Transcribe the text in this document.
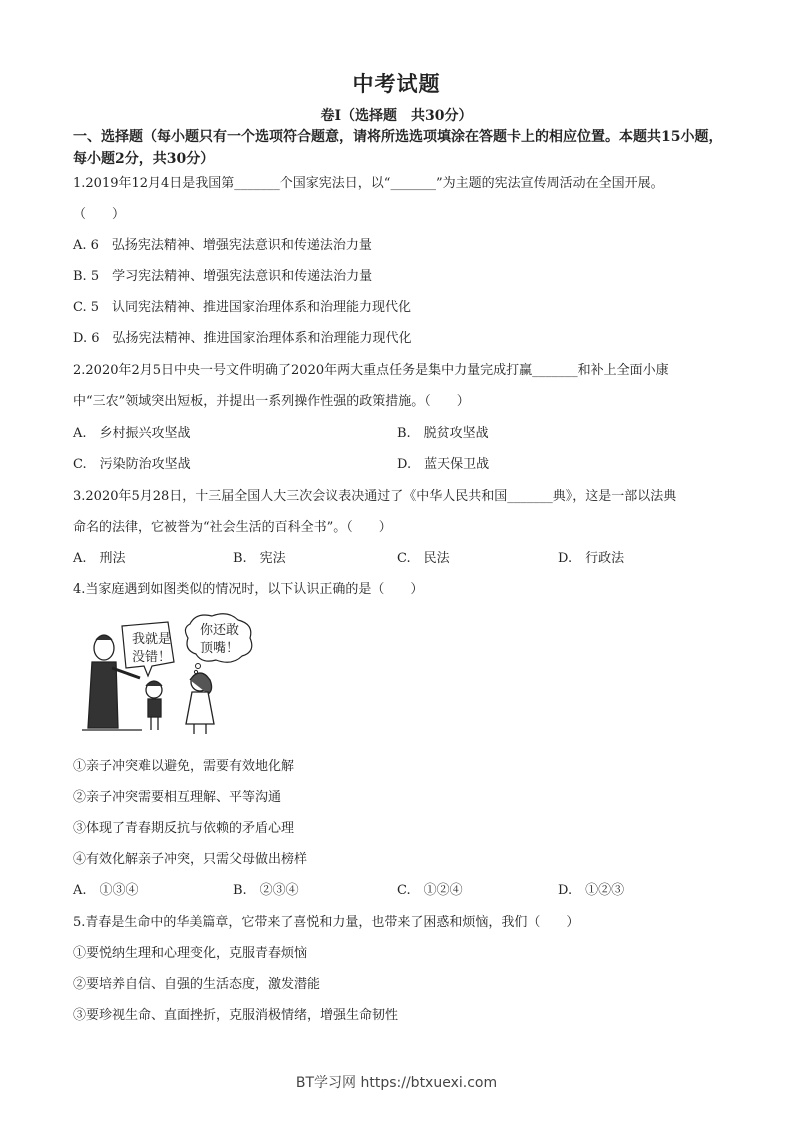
中考试题
卷Ⅰ（选择题　共30分）
一、选择题（每小题只有一个选项符合题意，请将所选选项填涂在答题卡上的相应位置。本题共15小题，每小题2分，共30分）
1.2019年12月4日是我国第_______个国家宪法日，以“_______”为主题的宪法宣传周活动在全国开展。
（　　）
A. 6　弘扬宪法精神、增强宪法意识和传递法治力量
B. 5　学习宪法精神、增强宪法意识和传递法治力量
C. 5　认同宪法精神、推进国家治理体系和治理能力现代化
D. 6　弘扬宪法精神、推进国家治理体系和治理能力现代化
2.2020年2月5日中央一号文件明确了2020年两大重点任务是集中力量完成打赢_______和补上全面小康
中“三农”领域突出短板，并提出一系列操作性强的政策措施。（　　）
A.　乡村振兴攻坚战	B.　脱贫攻坚战
C.　污染防治攻坚战	D.　蓝天保卫战
3.2020年5月28日，十三届全国人大三次会议表决通过了《中华人民共和国_______典》，这是一部以法典
命名的法律，它被誉为“社会生活的百科全书”。（　　）
A.　刑法	B.　宪法	C.　民法	D.　行政法
4.当家庭遇到如图类似的情况时，以下认识正确的是（　　）
我就是
没错！
你还敢
顶嘴！
①亲子冲突难以避免，需要有效地化解
②亲子冲突需要相互理解、平等沟通
③体现了青春期反抗与依赖的矛盾心理
④有效化解亲子冲突，只需父母做出榜样
A.　①③④	B.　②③④	C.　①②④	D.　①②③
5.青春是生命中的华美篇章，它带来了喜悦和力量，也带来了困惑和烦恼，我们（　　）
①要悦纳生理和心理变化，克服青春烦恼
②要培养自信、自强的生活态度，激发潜能
③要珍视生命、直面挫折，克服消极情绪，增强生命韧性
BT学习网 https://btxuexi.com
